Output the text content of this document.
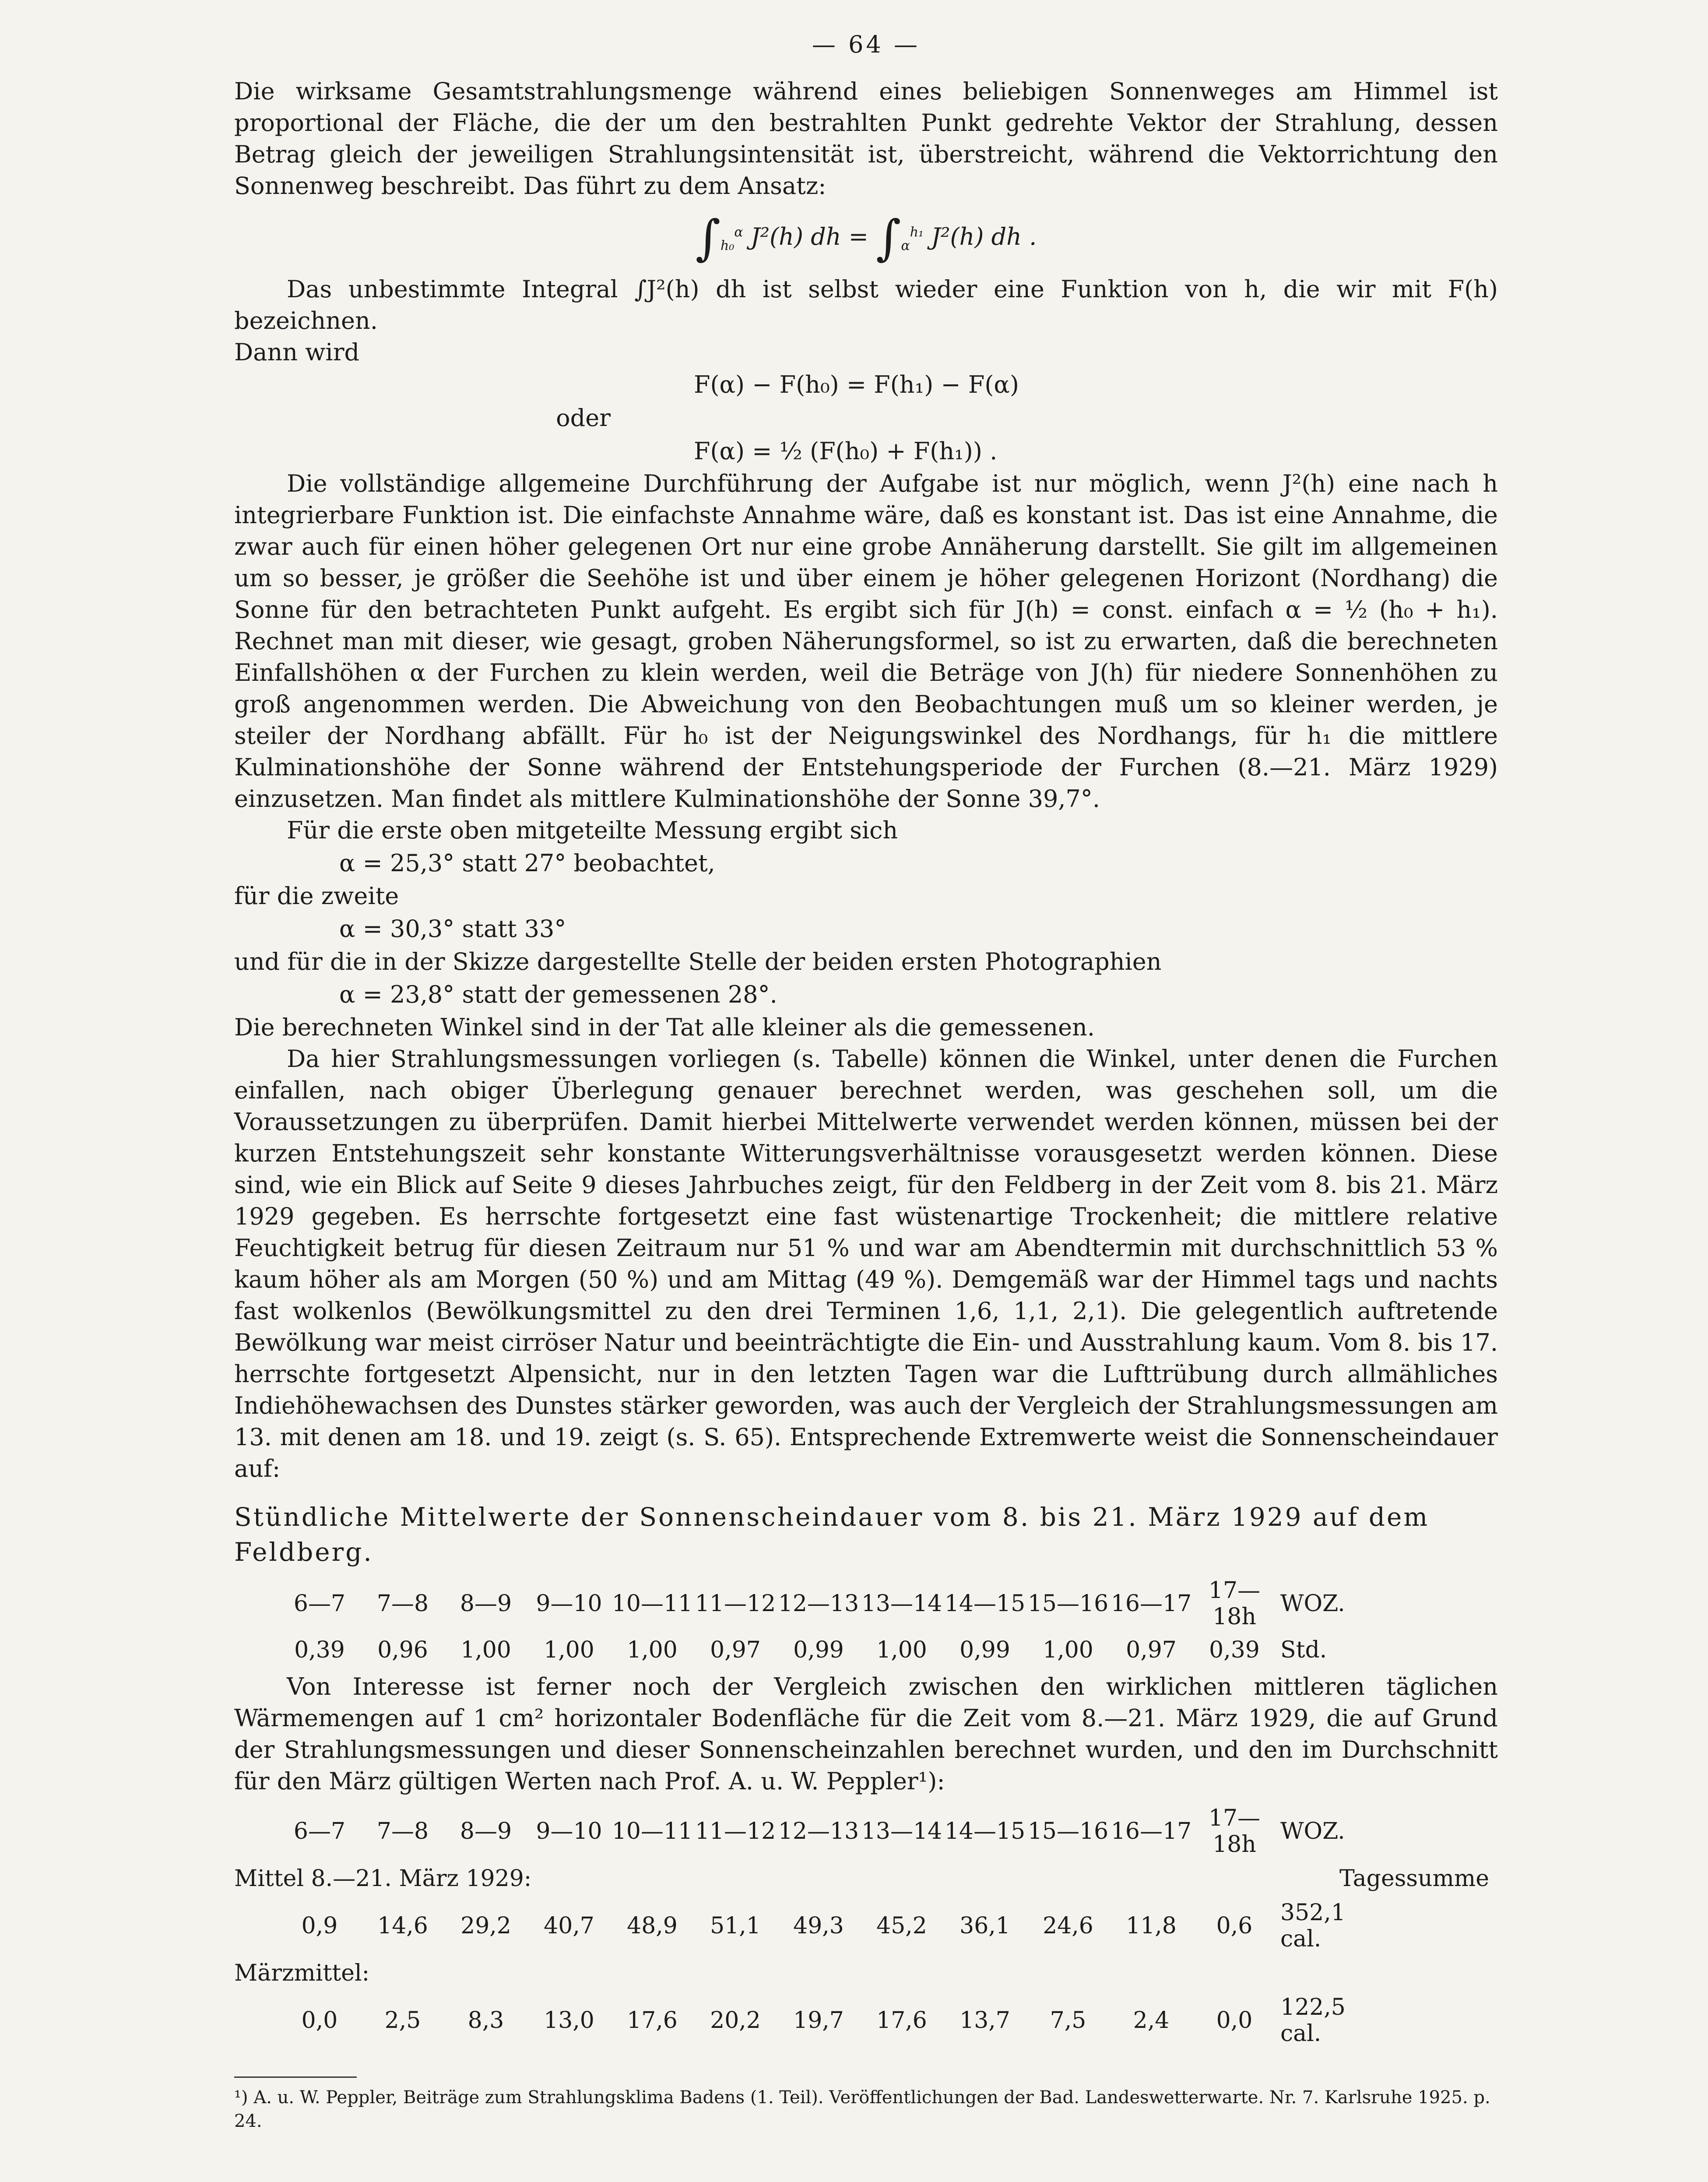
— 64 —

Die wirksame Gesamtstrahlungsmenge während eines beliebigen Sonnenweges am Himmel ist proportional der Fläche, die der um den bestrahlten Punkt gedrehte Vektor der Strahlung, dessen Betrag gleich der jeweiligen Strahlungsintensität ist, überstreicht, während die Vektorrichtung den Sonnenweg beschreibt. Das führt zu dem Ansatz:

$\int_{h_0}^\alpha$ J²(h) dh = $\int_\alpha^{h_1}$ J²(h) dh .

Das unbestimmte Integral ∫J²(h) dh ist selbst wieder eine Funktion von h, die wir mit F(h) bezeichnen.

Dann wird

F(α) − F(h₀) = F(h₁) − F(α)
oder
F(α) = ½ (F(h₀) + F(h₁)) .

Die vollständige allgemeine Durchführung der Aufgabe ist nur möglich, wenn J²(h) eine nach h integrierbare Funktion ist. Die einfachste Annahme wäre, daß es konstant ist. Das ist eine Annahme, die zwar auch für einen höher gelegenen Ort nur eine grobe Annäherung darstellt. Sie gilt im allgemeinen um so besser, je größer die Seehöhe ist und über einem je höher gelegenen Horizont (Nordhang) die Sonne für den betrachteten Punkt aufgeht. Es ergibt sich für J(h) = const. einfach α = ½ (h₀ + h₁). Rechnet man mit dieser, wie gesagt, groben Näherungsformel, so ist zu erwarten, daß die berechneten Einfallshöhen α der Furchen zu klein werden, weil die Beträge von J(h) für niedere Sonnenhöhen zu groß angenommen werden. Die Abweichung von den Beobachtungen muß um so kleiner werden, je steiler der Nordhang abfällt. Für h₀ ist der Neigungswinkel des Nordhangs, für h₁ die mittlere Kulminationshöhe der Sonne während der Entstehungsperiode der Furchen (8.—21. März 1929) einzusetzen. Man findet als mittlere Kulminationshöhe der Sonne 39,7°.

Für die erste oben mitgeteilte Messung ergibt sich

α = 25,3° statt 27° beobachtet,

für die zweite

α = 30,3° statt 33°

und für die in der Skizze dargestellte Stelle der beiden ersten Photographien

α = 23,8° statt der gemessenen 28°.

Die berechneten Winkel sind in der Tat alle kleiner als die gemessenen.

Da hier Strahlungsmessungen vorliegen (s. Tabelle) können die Winkel, unter denen die Furchen einfallen, nach obiger Überlegung genauer berechnet werden, was geschehen soll, um die Voraussetzungen zu überprüfen. Damit hierbei Mittelwerte verwendet werden können, müssen bei der kurzen Entstehungszeit sehr konstante Witterungsverhältnisse vorausgesetzt werden können. Diese sind, wie ein Blick auf Seite 9 dieses Jahrbuches zeigt, für den Feldberg in der Zeit vom 8. bis 21. März 1929 gegeben. Es herrschte fortgesetzt eine fast wüstenartige Trockenheit; die mittlere relative Feuchtigkeit betrug für diesen Zeitraum nur 51 % und war am Abendtermin mit durchschnittlich 53 % kaum höher als am Morgen (50 %) und am Mittag (49 %). Demgemäß war der Himmel tags und nachts fast wolkenlos (Bewölkungsmittel zu den drei Terminen 1,6, 1,1, 2,1). Die gelegentlich auftretende Bewölkung war meist cirröser Natur und beeinträchtigte die Ein- und Ausstrahlung kaum. Vom 8. bis 17. herrschte fortgesetzt Alpensicht, nur in den letzten Tagen war die Lufttrübung durch allmähliches Indiehöhewachsen des Dunstes stärker geworden, was auch der Vergleich der Strahlungsmessungen am 13. mit denen am 18. und 19. zeigt (s. S. 65). Entsprechende Extremwerte weist die Sonnenscheindauer auf:

Stündliche Mittelwerte der Sonnenscheindauer vom 8. bis 21. März 1929 auf dem Feldberg.
6—7	7—8	8—9	9—10	10—11	11—12	12—13	13—14	14—15	15—16	16—17	17—18h	WOZ.
0,39	0,96	1,00	1,00	1,00	0,97	0,99	1,00	0,99	1,00	0,97	0,39	Std.

Von Interesse ist ferner noch der Vergleich zwischen den wirklichen mittleren täglichen Wärmemengen auf 1 cm² horizontaler Bodenfläche für die Zeit vom 8.—21. März 1929, die auf Grund der Strahlungsmessungen und dieser Sonnenscheinzahlen berechnet wurden, und den im Durchschnitt für den März gültigen Werten nach Prof. A. u. W. Peppler¹):

6—7	7—8	8—9	9—10	10—11	11—12	12—13	13—14	14—15	15—16	16—17	17—18h	WOZ.
Mittel 8.—21. März 1929:	Tagessumme
0,9	14,6	29,2	40,7	48,9	51,1	49,3	45,2	36,1	24,6	11,8	0,6	352,1 cal.
Märzmittel:
0,0	2,5	8,3	13,0	17,6	20,2	19,7	17,6	13,7	7,5	2,4	0,0	122,5 cal.
¹) A. u. W. Peppler, Beiträge zum Strahlungsklima Badens (1. Teil). Veröffentlichungen der Bad. Landeswetterwarte. Nr. 7. Karlsruhe 1925. p. 24.
